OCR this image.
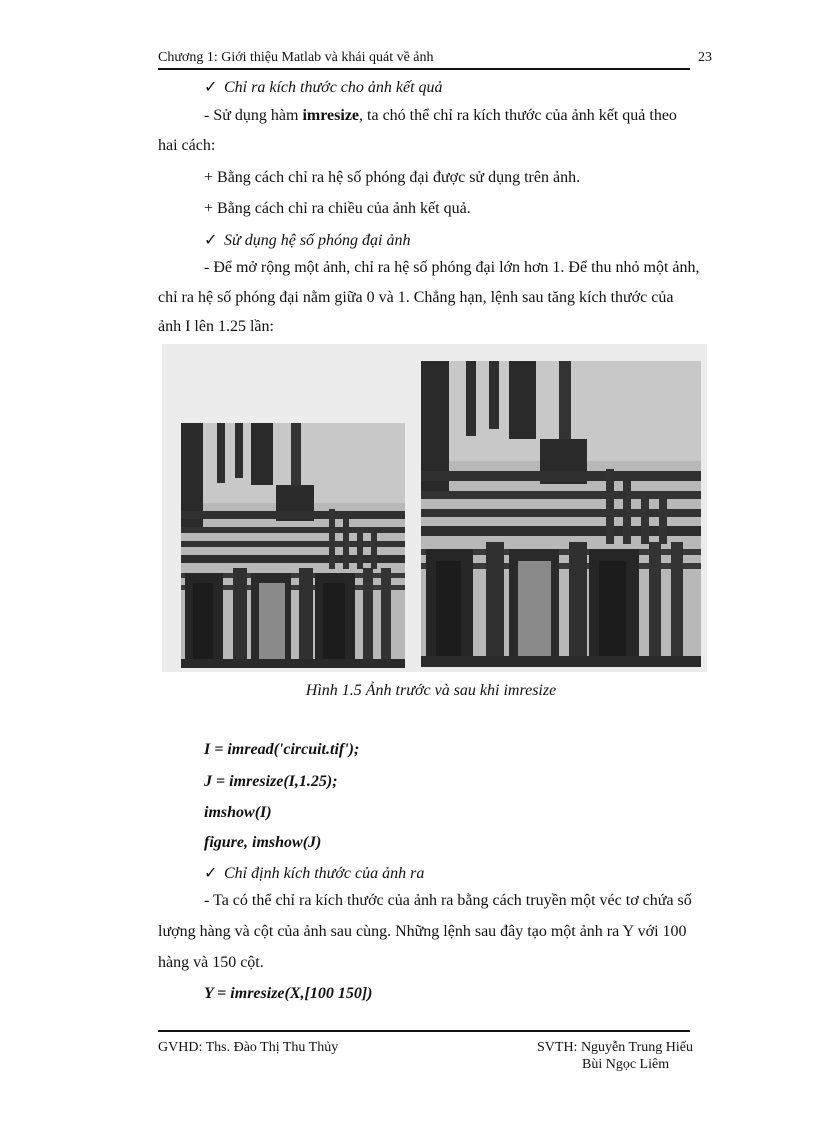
Chương 1: Giới thiệu Matlab và khái quát về ảnh	23
✓ Chỉ ra kích thước cho ảnh kết quả
- Sử dụng hàm imresize, ta chó thể chỉ ra kích thước của ảnh kết quả theo
hai cách:
+ Bằng cách chỉ ra hệ số phóng đại được sử dụng trên ảnh.
+ Bằng cách chỉ ra chiều của ảnh kết quả.
✓ Sử dụng hệ số phóng đại ảnh
- Để mở rộng một ảnh, chỉ ra hệ số phóng đại lớn hơn 1. Để thu nhỏ một ảnh,
chỉ ra hệ số phóng đại nằm giữa 0 và 1. Chẳng hạn, lệnh sau tăng kích thước của
ảnh I lên 1.25 lần:
Hình 1.5 Ảnh trước và sau khi imresize
I = imread('circuit.tif');
J = imresize(I,1.25);
imshow(I)
figure, imshow(J)
✓ Chỉ định kích thước của ảnh ra
- Ta có thể chỉ ra kích thước của ảnh ra bằng cách truyền một véc tơ chứa số
lượng hàng và cột của ảnh sau cùng. Những lệnh sau đây tạo một ảnh ra Y với 100
hàng và 150 cột.
Y = imresize(X,[100 150])
GVHD: Ths. Đào Thị Thu Thủy	SVTH: Nguyễn Trung Hiếu
Bùi Ngọc Liêm
